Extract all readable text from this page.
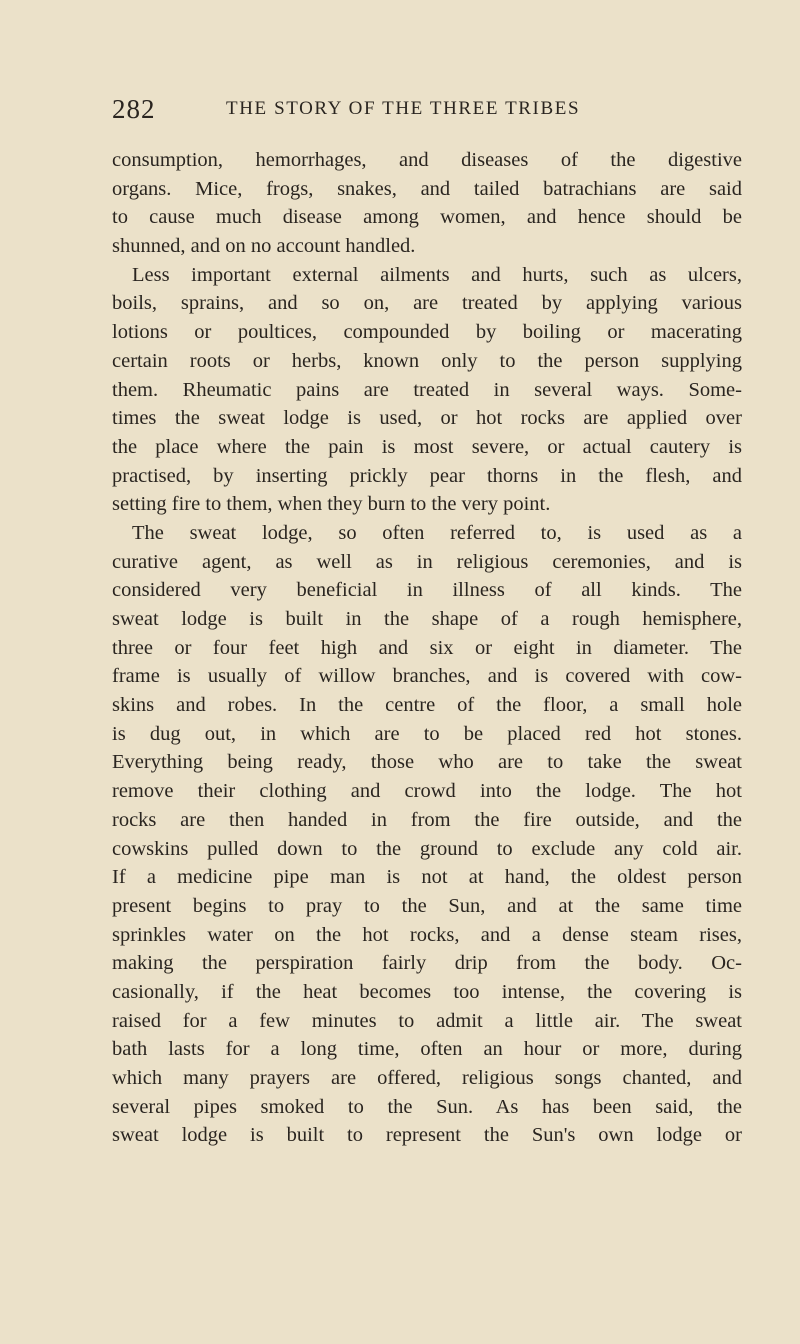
282	THE STORY OF THE THREE TRIBES
consumption, hemorrhages, and diseases of the digestive
organs. Mice, frogs, snakes, and tailed batrachians are said
to cause much disease among women, and hence should be
shunned, and on no account handled.
Less important external ailments and hurts, such as ulcers,
boils, sprains, and so on, are treated by applying various
lotions or poultices, compounded by boiling or macerating
certain roots or herbs, known only to the person supplying
them. Rheumatic pains are treated in several ways. Some-
times the sweat lodge is used, or hot rocks are applied over
the place where the pain is most severe, or actual cautery is
practised, by inserting prickly pear thorns in the flesh, and
setting fire to them, when they burn to the very point.
The sweat lodge, so often referred to, is used as a
curative agent, as well as in religious ceremonies, and is
considered very beneficial in illness of all kinds. The
sweat lodge is built in the shape of a rough hemisphere,
three or four feet high and six or eight in diameter. The
frame is usually of willow branches, and is covered with cow-
skins and robes. In the centre of the floor, a small hole
is dug out, in which are to be placed red hot stones.
Everything being ready, those who are to take the sweat
remove their clothing and crowd into the lodge. The hot
rocks are then handed in from the fire outside, and the
cowskins pulled down to the ground to exclude any cold air.
If a medicine pipe man is not at hand, the oldest person
present begins to pray to the Sun, and at the same time
sprinkles water on the hot rocks, and a dense steam rises,
making the perspiration fairly drip from the body. Oc-
casionally, if the heat becomes too intense, the covering is
raised for a few minutes to admit a little air. The sweat
bath lasts for a long time, often an hour or more, during
which many prayers are offered, religious songs chanted, and
several pipes smoked to the Sun. As has been said, the
sweat lodge is built to represent the Sun's own lodge or
